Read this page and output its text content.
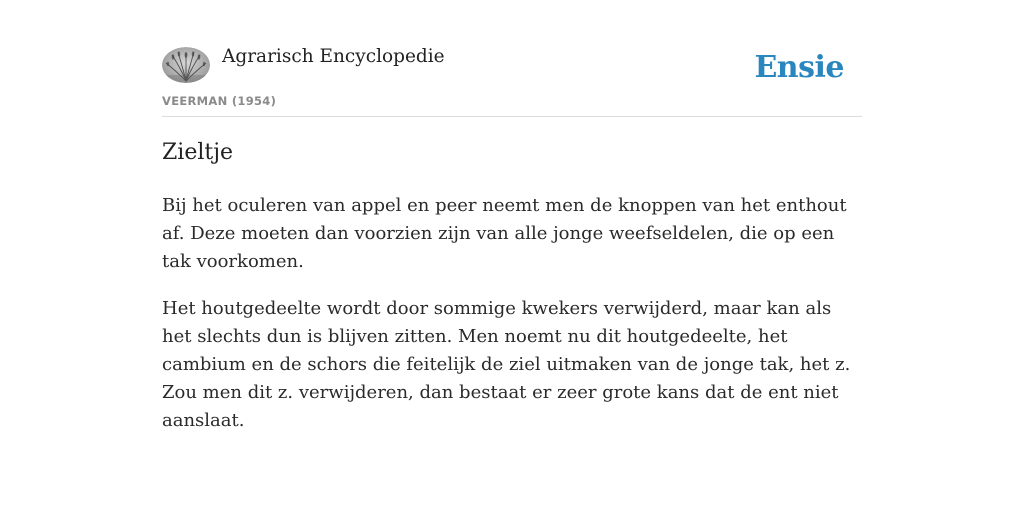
Agrarisch Encyclopedie
VEERMAN (1954)
Ensie
Zieltje

Bij het oculeren van appel en peer neemt men de knoppen van het enthout af. Deze moeten dan voorzien zijn van alle jonge weefseldelen, die op een tak voorkomen.

Het houtgedeelte wordt door sommige kwekers verwijderd, maar kan als het slechts dun is blijven zitten. Men noemt nu dit houtgedeelte, het cambium en de schors die feitelijk de ziel uitmaken van de jonge tak, het z. Zou men dit z. verwijderen, dan bestaat er zeer grote kans dat de ent niet aanslaat.
